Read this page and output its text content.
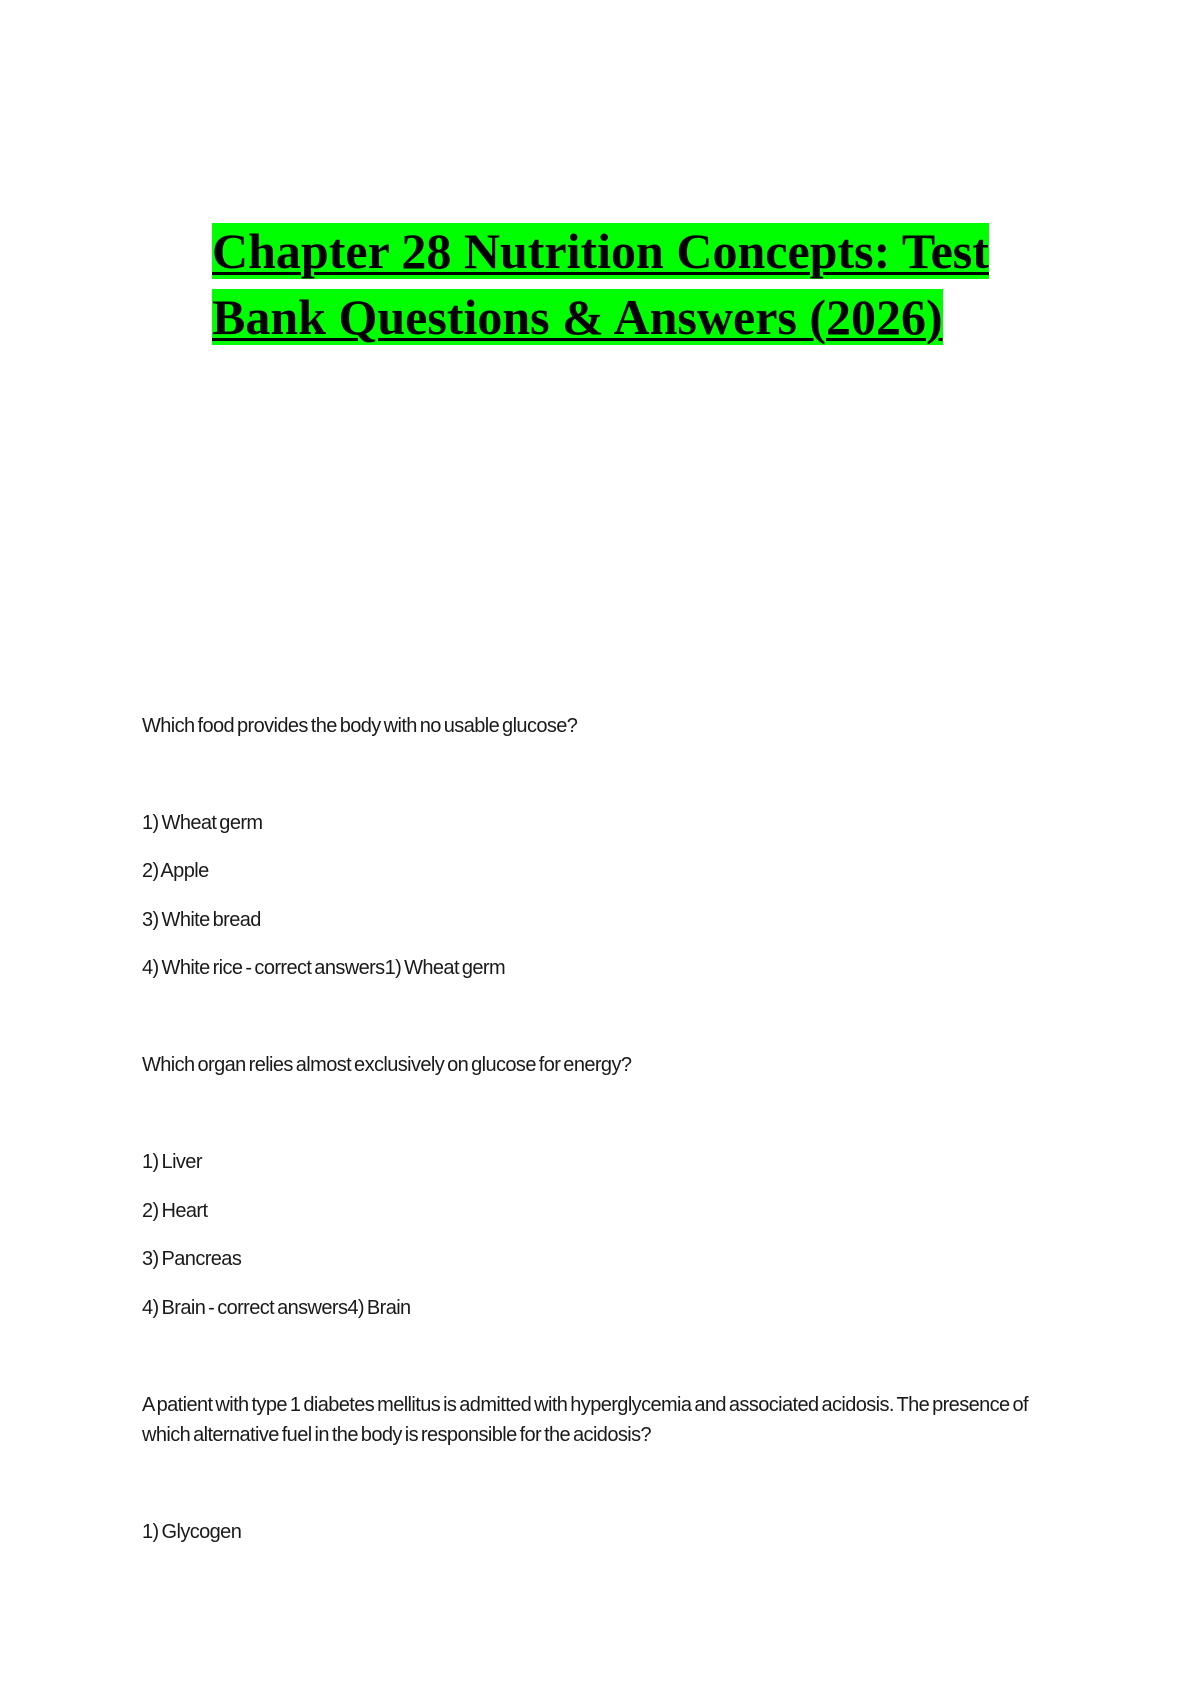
Chapter 28 Nutrition Concepts: Test
Bank Questions & Answers (2026)
Which food provides the body with no usable glucose?
1) Wheat germ
2) Apple
3) White bread
4) White rice - correct answers1) Wheat germ
Which organ relies almost exclusively on glucose for energy?
1) Liver
2) Heart
3) Pancreas
4) Brain - correct answers4) Brain
A patient with type 1 diabetes mellitus is admitted with hyperglycemia and associated acidosis. The presence of which alternative fuel in the body is responsible for the acidosis?
1) Glycogen
